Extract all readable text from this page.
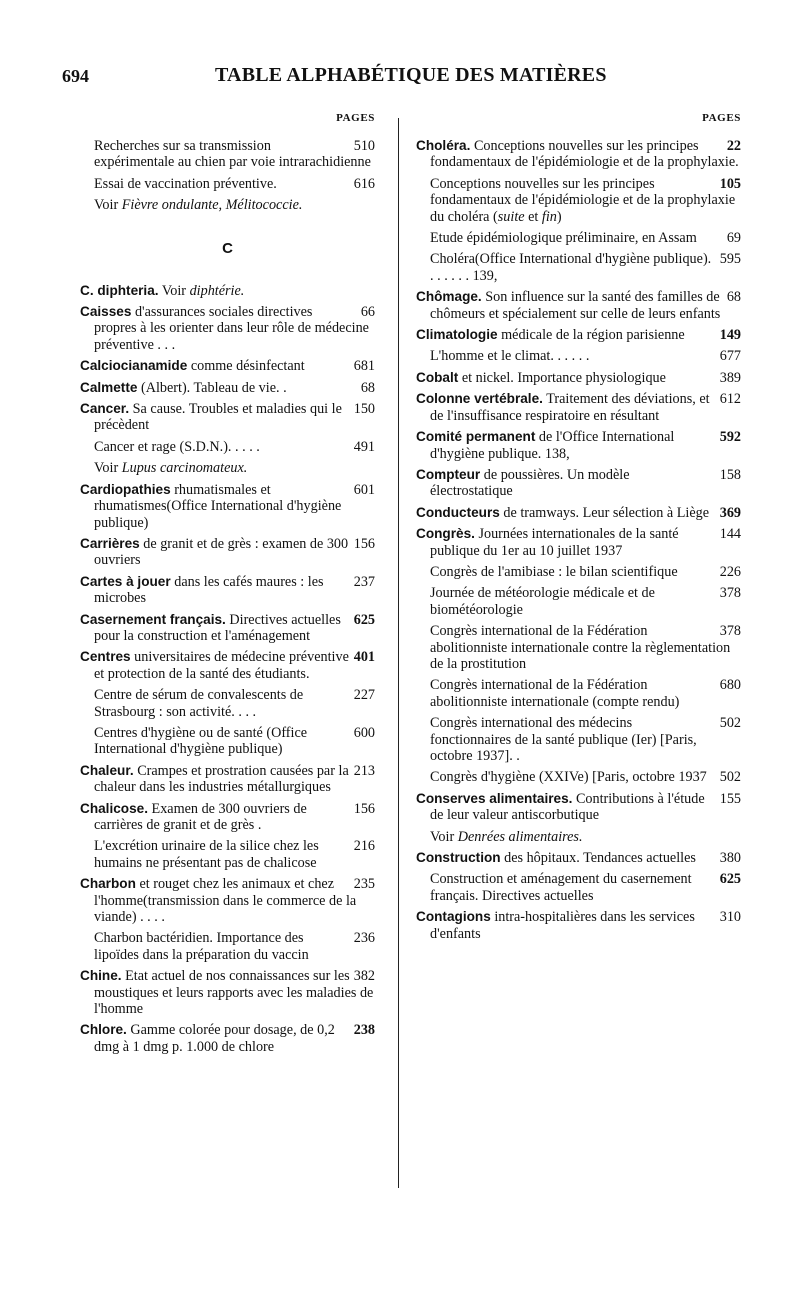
694	TABLE ALPHABÉTIQUE DES MATIÈRES
PAGES
510
Recherches sur sa transmission expérimentale au chien par voie intrarachidienne
616
Essai de vaccination préventive.
Voir Fièvre ondulante, Mélitococcie.
C
C. diphteria. Voir diphtérie.
66
Caisses d'assurances sociales directives propres à les orienter dans leur rôle de médecine préventive . . .
681
Calciocianamide comme désinfectant
68
Calmette (Albert). Tableau de vie. .
150
Cancer. Sa cause. Troubles et maladies qui le précèdent
491
Cancer et rage (S.D.N.). . . . .
Voir Lupus carcinomateux.
601
Cardiopathies rhumatismales et rhumatismes(Office International d'hygiène publique)
156
Carrières de granit et de grès : examen de 300 ouvriers
237
Cartes à jouer dans les cafés maures : les microbes
625
Casernement français. Directives actuelles pour la construction et l'aménagement
401
Centres universitaires de médecine préventive et protection de la santé des étudiants.
227
Centre de sérum de convalescents de Strasbourg : son activité. . . .
600
Centres d'hygiène ou de santé (Office International d'hygiène publique)
213
Chaleur. Crampes et prostration causées par la chaleur dans les industries métallurgiques
156
Chalicose. Examen de 300 ouvriers de carrières de granit et de grès .
216
L'excrétion urinaire de la silice chez les humains ne présentant pas de chalicose
235
Charbon et rouget chez les animaux et chez l'homme(transmission dans le commerce de la viande) . . . .
236
Charbon bactéridien. Importance des lipoïdes dans la préparation du vaccin
382
Chine. Etat actuel de nos connaissances sur les moustiques et leurs rapports avec les maladies de l'homme
238
Chlore. Gamme colorée pour dosage, de 0,2 dmg à 1 dmg p. 1.000 de chlore
PAGES
22
Choléra. Conceptions nouvelles sur les principes fondamentaux de l'épidémiologie et de la prophylaxie.
105
Conceptions nouvelles sur les principes fondamentaux de l'épidémiologie et de la prophylaxie du choléra (suite et fin)
69
Etude épidémiologique préliminaire, en Assam
595
Choléra(Office International d'hygiène publique). . . . . . . 139,
68
Chômage. Son influence sur la santé des familles de chômeurs et spécialement sur celle de leurs enfants
149
Climatologie médicale de la région parisienne
677
L'homme et le climat. . . . . .
389
Cobalt et nickel. Importance physiologique
612
Colonne vertébrale. Traitement des déviations, et de l'insuffisance respiratoire en résultant
592
Comité permanent de l'Office International d'hygiène publique. 138,
158
Compteur de poussières. Un modèle électrostatique
369
Conducteurs de tramways. Leur sélection à Liège
144
Congrès. Journées internationales de la santé publique du 1er au 10 juillet 1937
226
Congrès de l'amibiase : le bilan scientifique
378
Journée de météorologie médicale et de biométéorologie
378
Congrès international de la Fédération abolitionniste internationale contre la règlementation de la prostitution
680
Congrès international de la Fédération abolitionniste internationale (compte rendu)
502
Congrès international des médecins fonctionnaires de la santé publique (Ier) [Paris, octobre 1937]. .
502
Congrès d'hygiène (XXIVe) [Paris, octobre 1937
155
Conserves alimentaires. Contributions à l'étude de leur valeur antiscorbutique
Voir Denrées alimentaires.
380
Construction des hôpitaux. Tendances actuelles
625
Construction et aménagement du casernement français. Directives actuelles
310
Contagions intra-hospitalières dans les services d'enfants
